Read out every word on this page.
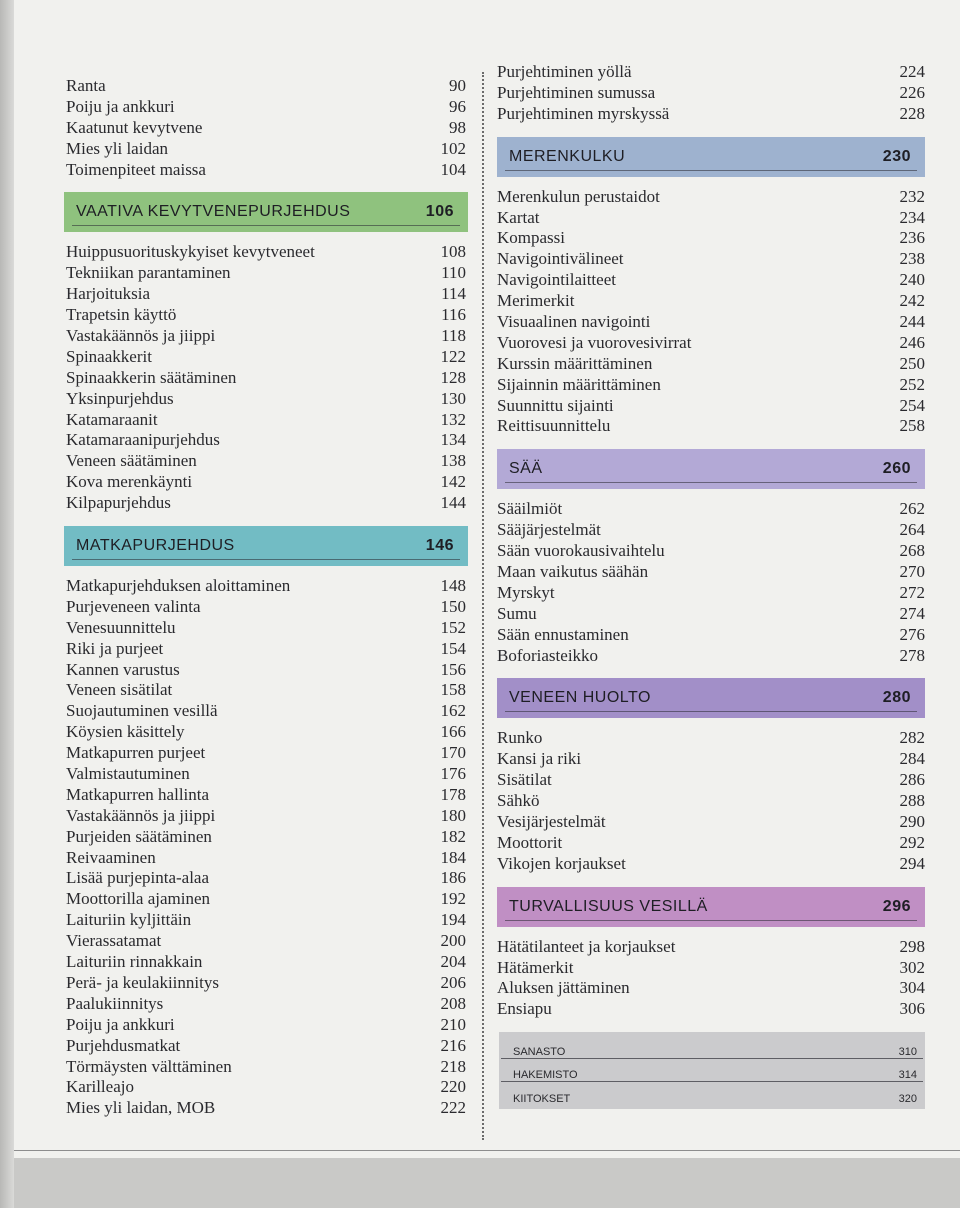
Ranta	90
Poiju ja ankkuri	96
Kaatunut kevytvene	98
Mies yli laidan	102
Toimenpiteet maissa	104
VAATIVA KEVYTVENEPURJEHDUS	106
Huippusuorituskykyiset kevytveneet	108
Tekniikan parantaminen	110
Harjoituksia	114
Trapetsin käyttö	116
Vastakäännös ja jiippi	118
Spinaakkerit	122
Spinaakkerin säätäminen	128
Yksinpurjehdus	130
Katamaraanit	132
Katamaraanipurjehdus	134
Veneen säätäminen	138
Kova merenkäynti	142
Kilpapurjehdus	144
MATKAPURJEHDUS	146
Matkapurjehduksen aloittaminen	148
Purjeveneen valinta	150
Venesuunnittelu	152
Riki ja purjeet	154
Kannen varustus	156
Veneen sisätilat	158
Suojautuminen vesillä	162
Köysien käsittely	166
Matkapurren purjeet	170
Valmistautuminen	176
Matkapurren hallinta	178
Vastakäännös ja jiippi	180
Purjeiden säätäminen	182
Reivaaminen	184
Lisää purjepinta-alaa	186
Moottorilla ajaminen	192
Laituriin kyljittäin	194
Vierassatamat	200
Laituriin rinnakkain	204
Perä- ja keulakiinnitys	206
Paalukiinnitys	208
Poiju ja ankkuri	210
Purjehdusmatkat	216
Törmäysten välttäminen	218
Karilleajo	220
Mies yli laidan, MOB	222
Purjehtiminen yöllä	224
Purjehtiminen sumussa	226
Purjehtiminen myrskyssä	228
MERENKULKU	230
Merenkulun perustaidot	232
Kartat	234
Kompassi	236
Navigointivälineet	238
Navigointilaitteet	240
Merimerkit	242
Visuaalinen navigointi	244
Vuorovesi ja vuorovesivirrat	246
Kurssin määrittäminen	250
Sijainnin määrittäminen	252
Suunnittu sijainti	254
Reittisuunnittelu	258
SÄÄ	260
Sääilmiöt	262
Sääjärjestelmät	264
Sään vuorokausivaihtelu	268
Maan vaikutus säähän	270
Myrskyt	272
Sumu	274
Sään ennustaminen	276
Boforiasteikko	278
VENEEN HUOLTO	280
Runko	282
Kansi ja riki	284
Sisätilat	286
Sähkö	288
Vesijärjestelmät	290
Moottorit	292
Vikojen korjaukset	294
TURVALLISUUS VESILLÄ	296
Hätätilanteet ja korjaukset	298
Hätämerkit	302
Aluksen jättäminen	304
Ensiapu	306
SANASTO	310
HAKEMISTO	314
KIITOKSET	320
